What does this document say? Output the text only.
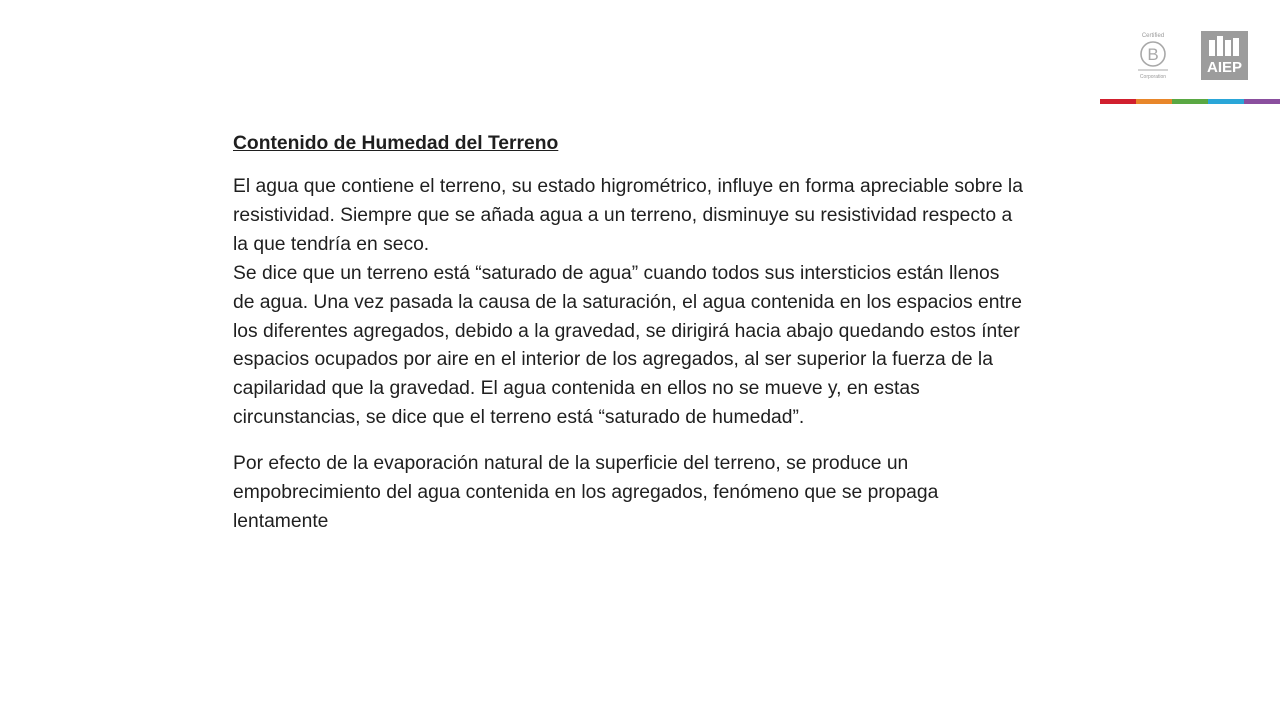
Certified
B
Corporation
AIEP

Contenido de Humedad del Terreno

El agua que contiene el terreno, su estado higrométrico, influye en forma apreciable sobre la resistividad. Siempre que se añada agua a un terreno, disminuye su resistividad respecto a la que tendría en seco.

Se dice que un terreno está “saturado de agua” cuando todos sus intersticios están llenos de agua. Una vez pasada la causa de la saturación, el agua contenida en los espacios entre los diferentes agregados, debido a la gravedad, se dirigirá hacia abajo quedando estos ínter espacios ocupados por aire en el interior de los agregados, al ser superior la fuerza de la capilaridad que la gravedad. El agua contenida en ellos no se mueve y, en estas circunstancias, se dice que el terreno está “saturado de humedad”.

Por efecto de la evaporación natural de la superficie del terreno, se produce un empobrecimiento del agua contenida en los agregados, fenómeno que se propaga lentamente
